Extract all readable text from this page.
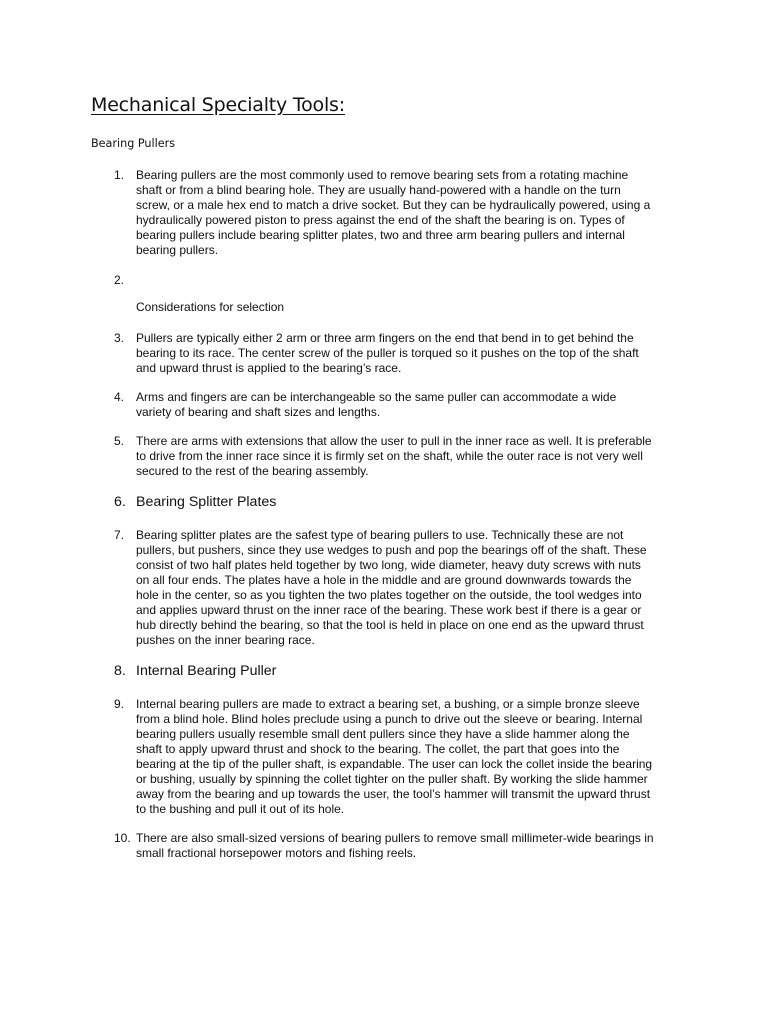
Mechanical Specialty Tools:
Bearing Pullers
1. Bearing pullers are the most commonly used to remove bearing sets from a rotating machine
shaft or from a blind bearing hole. They are usually hand-powered with a handle on the turn
screw, or a male hex end to match a drive socket. But they can be hydraulically powered, using a
hydraulically powered piston to press against the end of the shaft the bearing is on. Types of
bearing pullers include bearing splitter plates, two and three arm bearing pullers and internal
bearing pullers.
2.

Considerations for selection

3. Pullers are typically either 2 arm or three arm fingers on the end that bend in to get behind the
bearing to its race. The center screw of the puller is torqued so it pushes on the top of the shaft
and upward thrust is applied to the bearing’s race.
4. Arms and fingers are can be interchangeable so the same puller can accommodate a wide
variety of bearing and shaft sizes and lengths.
5. There are arms with extensions that allow the user to pull in the inner race as well. It is preferable
to drive from the inner race since it is firmly set on the shaft, while the outer race is not very well
secured to the rest of the bearing assembly.
6. Bearing Splitter Plates
7. Bearing splitter plates are the safest type of bearing pullers to use. Technically these are not
pullers, but pushers, since they use wedges to push and pop the bearings off of the shaft. These
consist of two half plates held together by two long, wide diameter, heavy duty screws with nuts
on all four ends. The plates have a hole in the middle and are ground downwards towards the
hole in the center, so as you tighten the two plates together on the outside, the tool wedges into
and applies upward thrust on the inner race of the bearing. These work best if there is a gear or
hub directly behind the bearing, so that the tool is held in place on one end as the upward thrust
pushes on the inner bearing race.
8. Internal Bearing Puller
9. Internal bearing pullers are made to extract a bearing set, a bushing, or a simple bronze sleeve
from a blind hole. Blind holes preclude using a punch to drive out the sleeve or bearing. Internal
bearing pullers usually resemble small dent pullers since they have a slide hammer along the
shaft to apply upward thrust and shock to the bearing. The collet, the part that goes into the
bearing at the tip of the puller shaft, is expandable. The user can lock the collet inside the bearing
or bushing, usually by spinning the collet tighter on the puller shaft. By working the slide hammer
away from the bearing and up towards the user, the tool’s hammer will transmit the upward thrust
to the bushing and pull it out of its hole.
10. There are also small-sized versions of bearing pullers to remove small millimeter-wide bearings in
small fractional horsepower motors and fishing reels.
